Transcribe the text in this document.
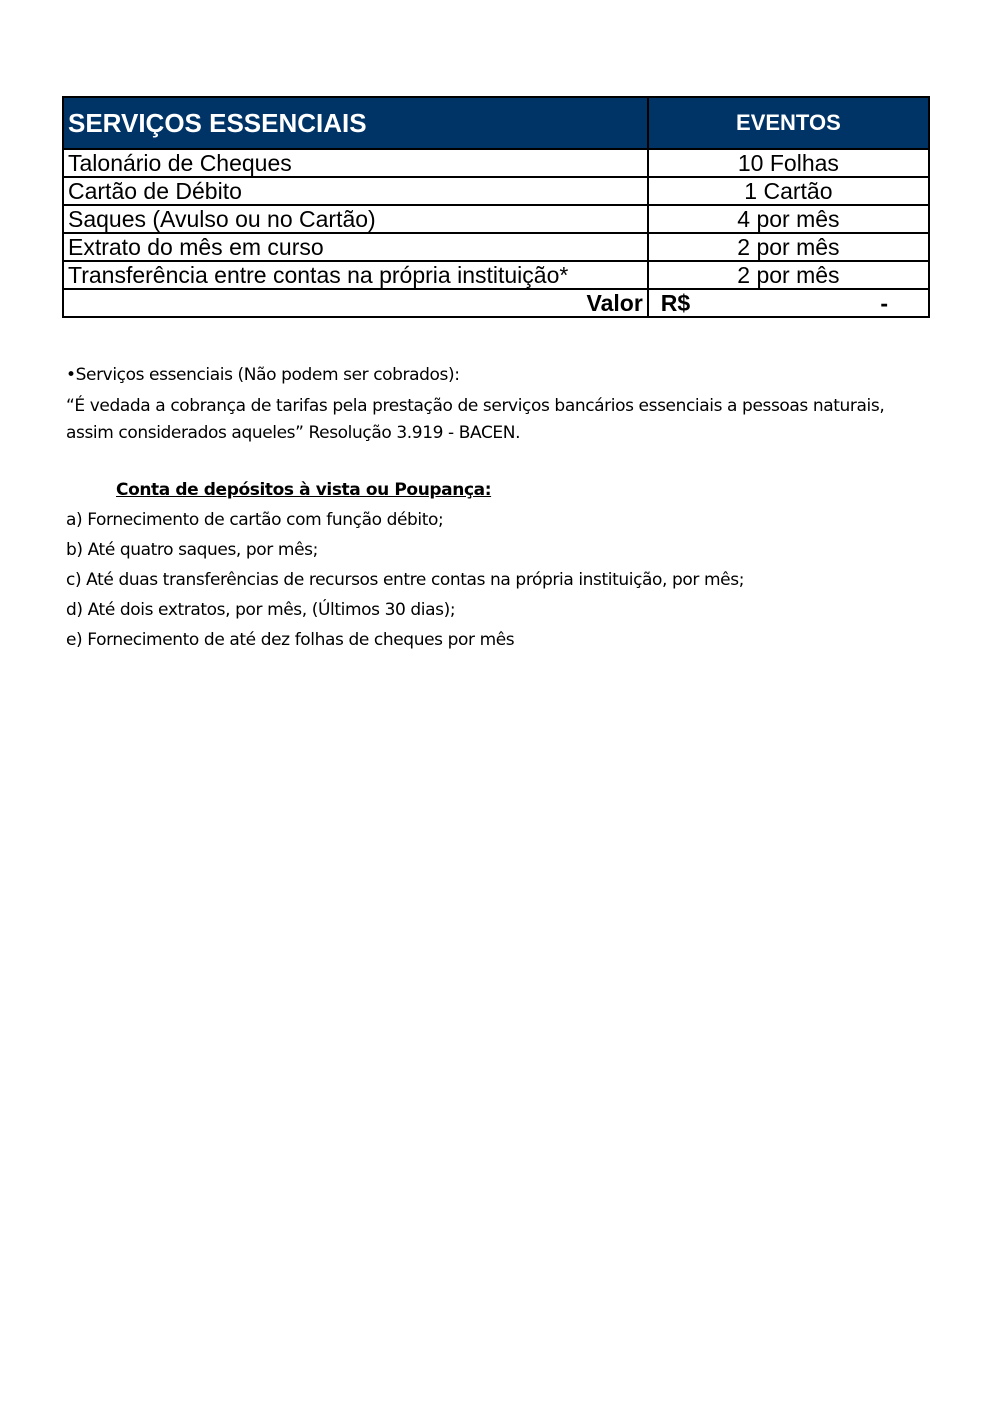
SERVIÇOS ESSENCIAIS	EVENTOS
Talonário de Cheques	10 Folhas
Cartão de Débito	1 Cartão
Saques (Avulso ou no Cartão)	4 por mês
Extrato do mês em curso	2 por mês
Transferência entre contas na própria instituição*	2 por mês
Valor	R$ -

•Serviços essenciais (Não podem ser cobrados):

“É vedada a cobrança de tarifas pela prestação de serviços bancários essenciais a pessoas naturais, assim considerados aqueles” Resolução 3.919 - BACEN.

Conta de depósitos à vista ou Poupança:

a) Fornecimento de cartão com função débito;

b) Até quatro saques, por mês;

c) Até duas transferências de recursos entre contas na própria instituição, por mês;

d) Até dois extratos, por mês, (Últimos 30 dias);

e) Fornecimento de até dez folhas de cheques por mês
